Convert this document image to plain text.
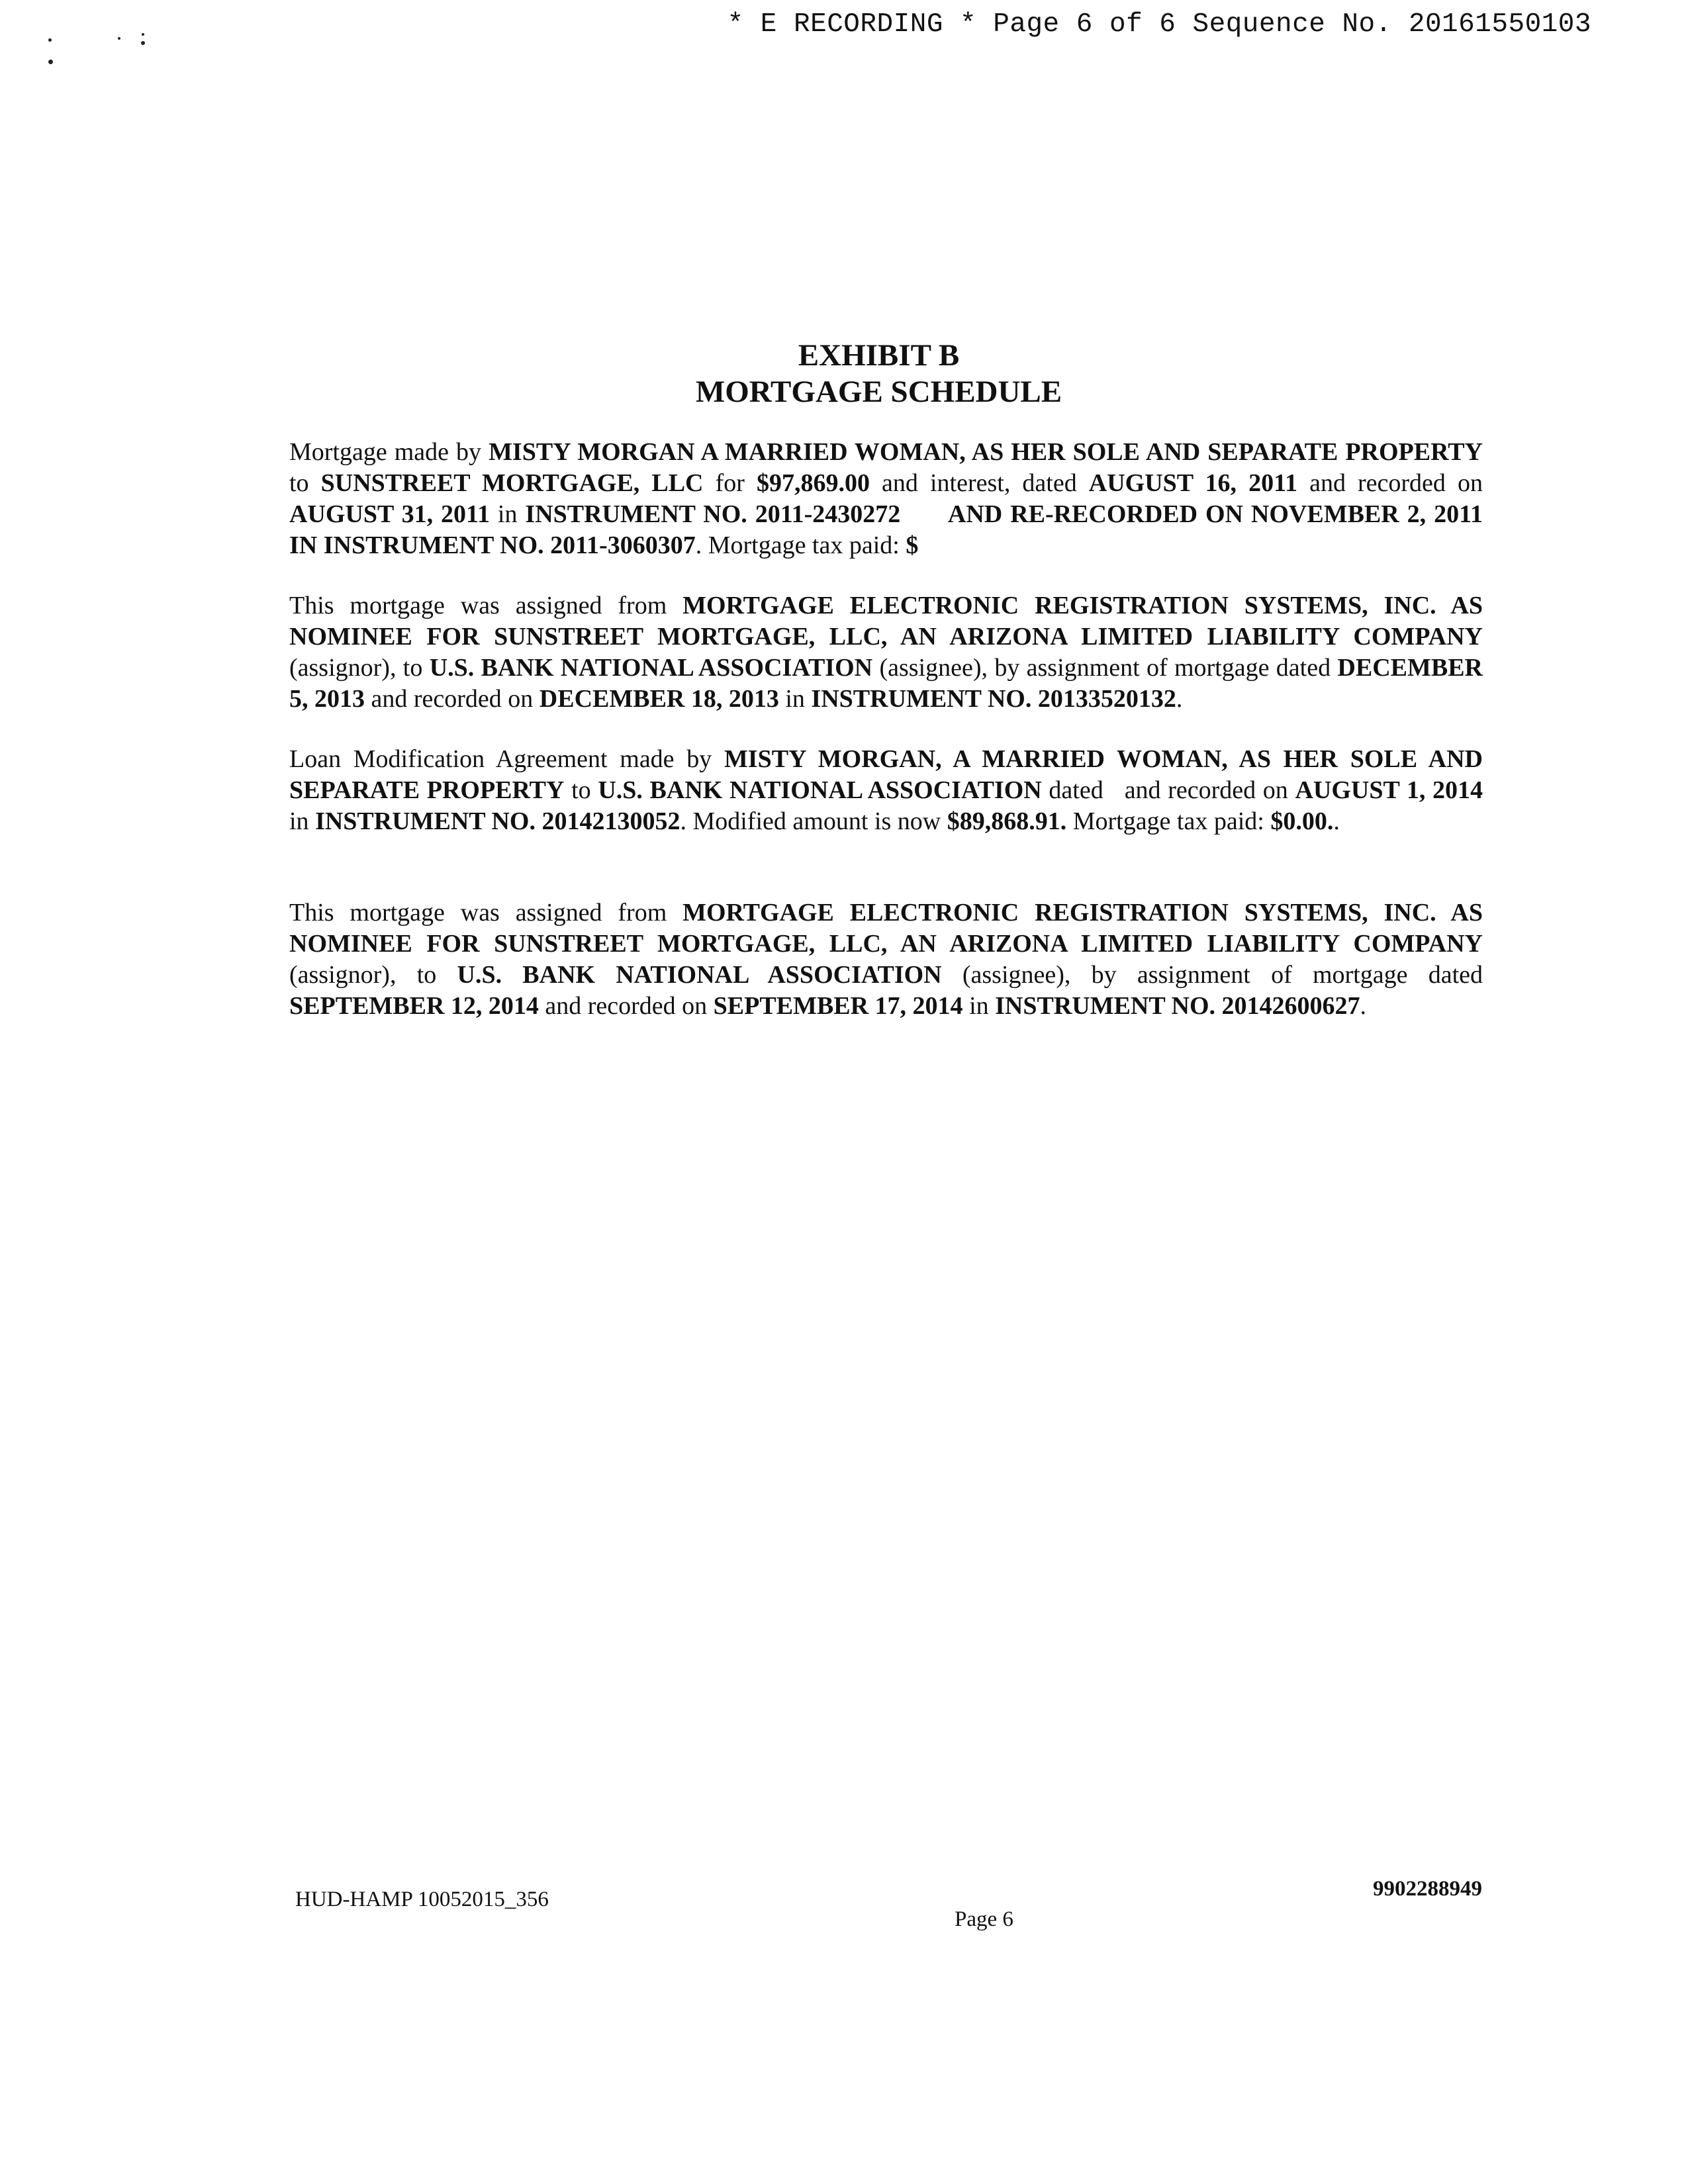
* E RECORDING * Page 6 of 6 Sequence No. 20161550103
EXHIBIT B
MORTGAGE SCHEDULE
Mortgage made by MISTY MORGAN A MARRIED WOMAN, AS HER SOLE AND SEPARATE PROPERTY to SUNSTREET MORTGAGE, LLC for $97,869.00 and interest, dated AUGUST 16, 2011 and recorded on AUGUST 31, 2011 in INSTRUMENT NO. 2011-2430272 AND RE-RECORDED ON NOVEMBER 2, 2011 IN INSTRUMENT NO. 2011-3060307. Mortgage tax paid: $
This mortgage was assigned from MORTGAGE ELECTRONIC REGISTRATION SYSTEMS, INC. AS NOMINEE FOR SUNSTREET MORTGAGE, LLC, AN ARIZONA LIMITED LIABILITY COMPANY (assignor), to U.S. BANK NATIONAL ASSOCIATION (assignee), by assignment of mortgage dated DECEMBER 5, 2013 and recorded on DECEMBER 18, 2013 in INSTRUMENT NO. 20133520132.
Loan Modification Agreement made by MISTY MORGAN, A MARRIED WOMAN, AS HER SOLE AND SEPARATE PROPERTY to U.S. BANK NATIONAL ASSOCIATION dated   and recorded on AUGUST 1, 2014 in INSTRUMENT NO. 20142130052. Modified amount is now $89,868.91. Mortgage tax paid: $0.00..
This mortgage was assigned from MORTGAGE ELECTRONIC REGISTRATION SYSTEMS, INC. AS NOMINEE FOR SUNSTREET MORTGAGE, LLC, AN ARIZONA LIMITED LIABILITY COMPANY (assignor), to U.S. BANK NATIONAL ASSOCIATION (assignee), by assignment of mortgage dated SEPTEMBER 12, 2014 and recorded on SEPTEMBER 17, 2014 in INSTRUMENT NO. 20142600627.
HUD-HAMP 10052015_356
Page 6
9902288949
